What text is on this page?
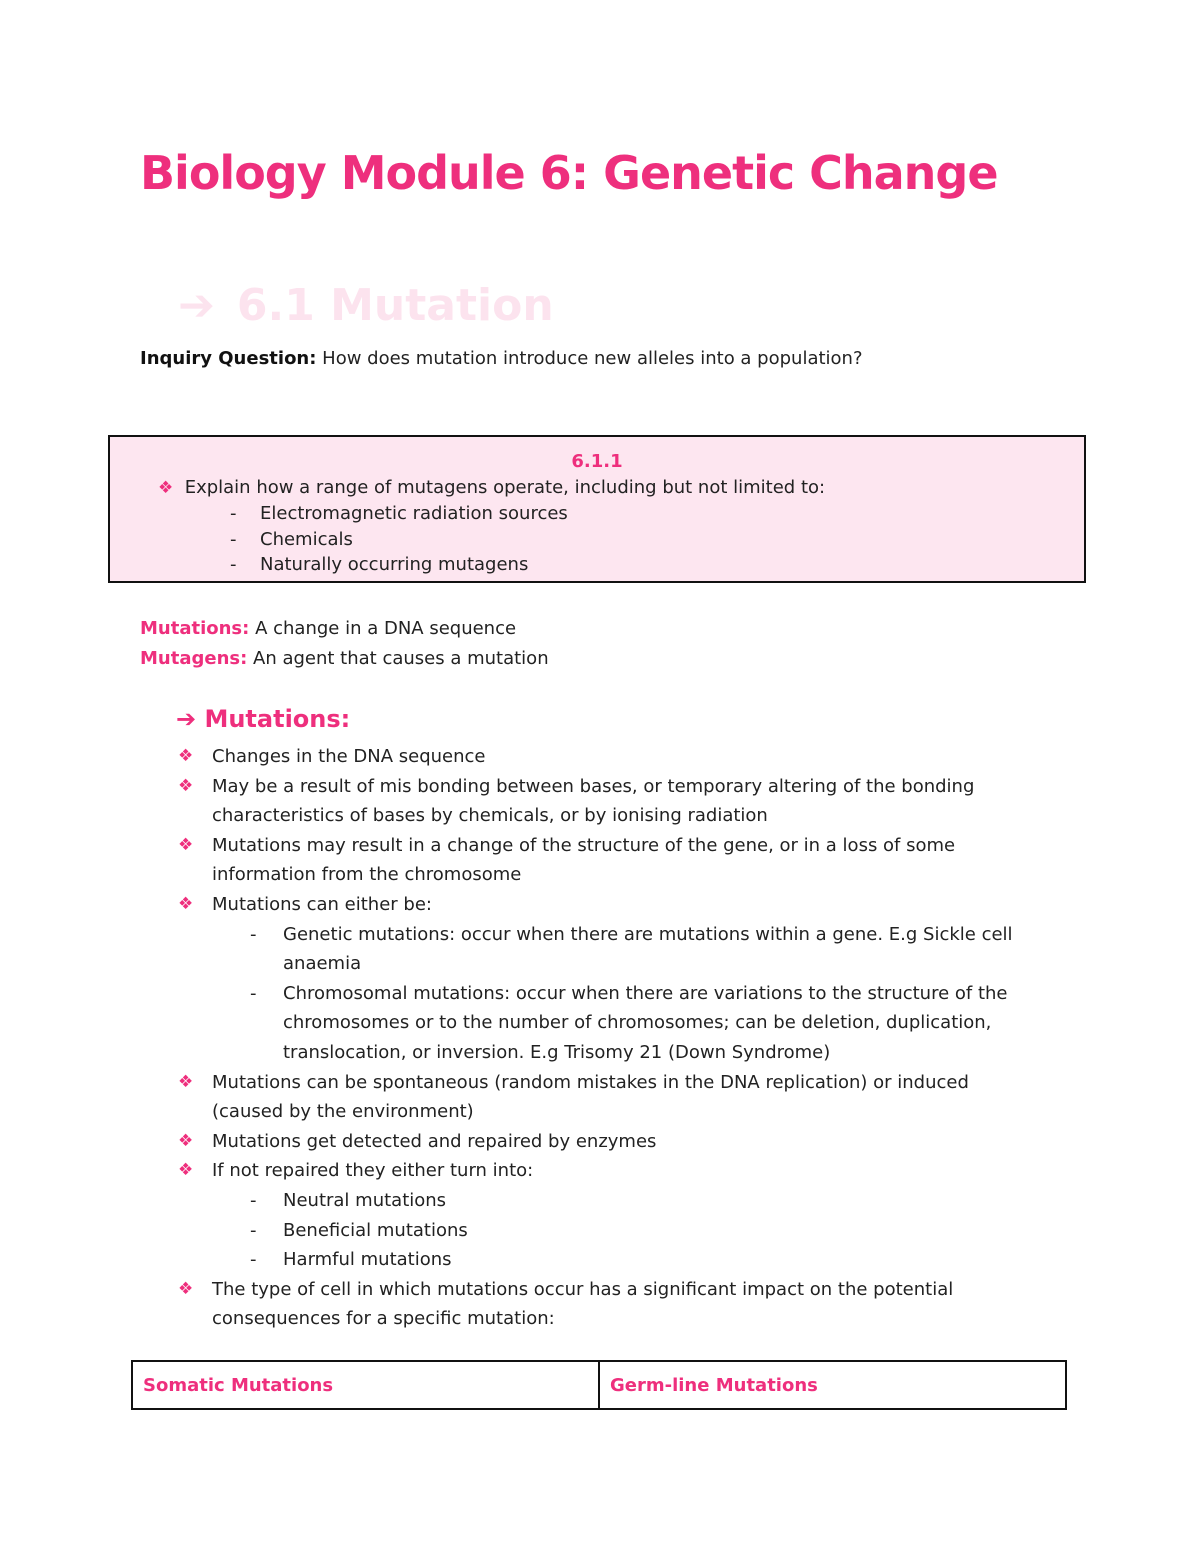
Biology Module 6: Genetic Change
➔ 6.1 Mutation
Inquiry Question: How does mutation introduce new alleles into a population?
6.1.1
❖ Explain how a range of mutagens operate, including but not limited to:
- Electromagnetic radiation sources
- Chemicals
- Naturally occurring mutagens
Mutations: A change in a DNA sequence
Mutagens: An agent that causes a mutation
➔ Mutations:
❖ Changes in the DNA sequence
❖ May be a result of mis bonding between bases, or temporary altering of the bonding characteristics of bases by chemicals, or by ionising radiation
❖ Mutations may result in a change of the structure of the gene, or in a loss of some information from the chromosome
❖ Mutations can either be:
- Genetic mutations: occur when there are mutations within a gene. E.g Sickle cell anaemia
- Chromosomal mutations: occur when there are variations to the structure of the chromosomes or to the number of chromosomes; can be deletion, duplication, translocation, or inversion. E.g Trisomy 21 (Down Syndrome)
❖ Mutations can be spontaneous (random mistakes in the DNA replication) or induced (caused by the environment)
❖ Mutations get detected and repaired by enzymes
❖ If not repaired they either turn into:
- Neutral mutations
- Beneficial mutations
- Harmful mutations
❖ The type of cell in which mutations occur has a significant impact on the potential consequences for a specific mutation:
Somatic Mutations	Germ-line Mutations
